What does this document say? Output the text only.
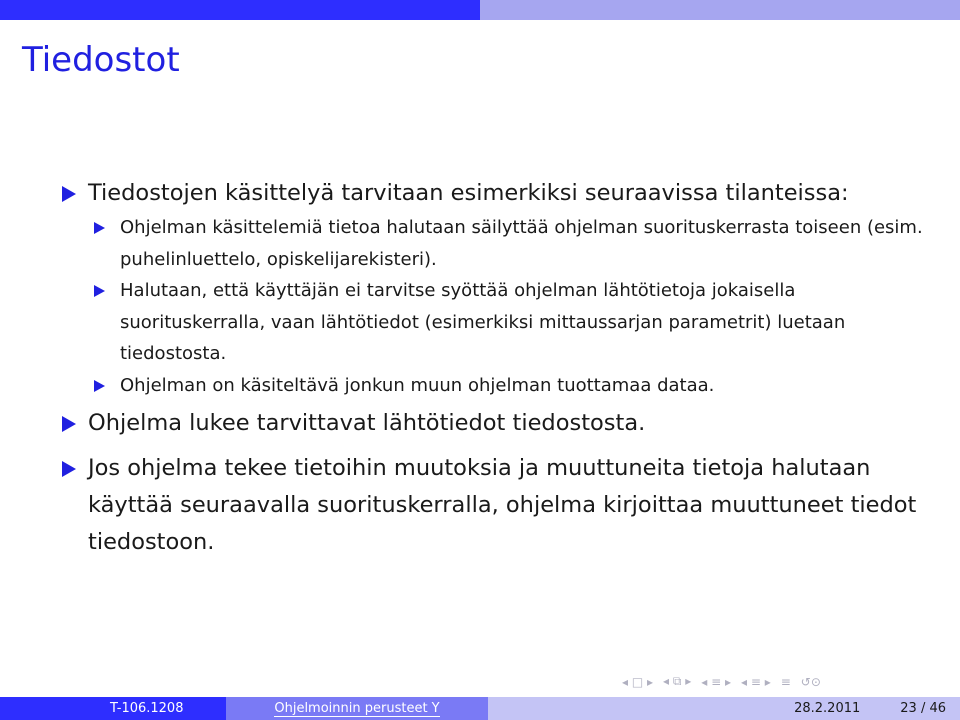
Tiedostot
Tiedostojen käsittelyä tarvitaan esimerkiksi seuraavissa tilanteissa:
Ohjelman käsittelemiä tietoa halutaan säilyttää ohjelman suorituskerrasta toiseen (esim. puhelinluettelo, opiskelijarekisteri).
Halutaan, että käyttäjän ei tarvitse syöttää ohjelman lähtötietoja jokaisella suorituskerralla, vaan lähtötiedot (esimerkiksi mittaussarjan parametrit) luetaan tiedostosta.
Ohjelman on käsiteltävä jonkun muun ohjelman tuottamaa dataa.
Ohjelma lukee tarvittavat lähtötiedot tiedostosta.
Jos ohjelma tekee tietoihin muutoksia ja muuttuneita tietoja halutaan käyttää seuraavalla suorituskerralla, ohjelma kirjoittaa muuttuneet tiedot tiedostoon.
◂ □ ▸ ◂ ⧉ ▸ ◂ ≡ ▸ ◂ ≡ ▸ ≡ ↺⊙
T-106.1208	Ohjelmoinnin perusteet Y	28.2.2011	23 / 46
